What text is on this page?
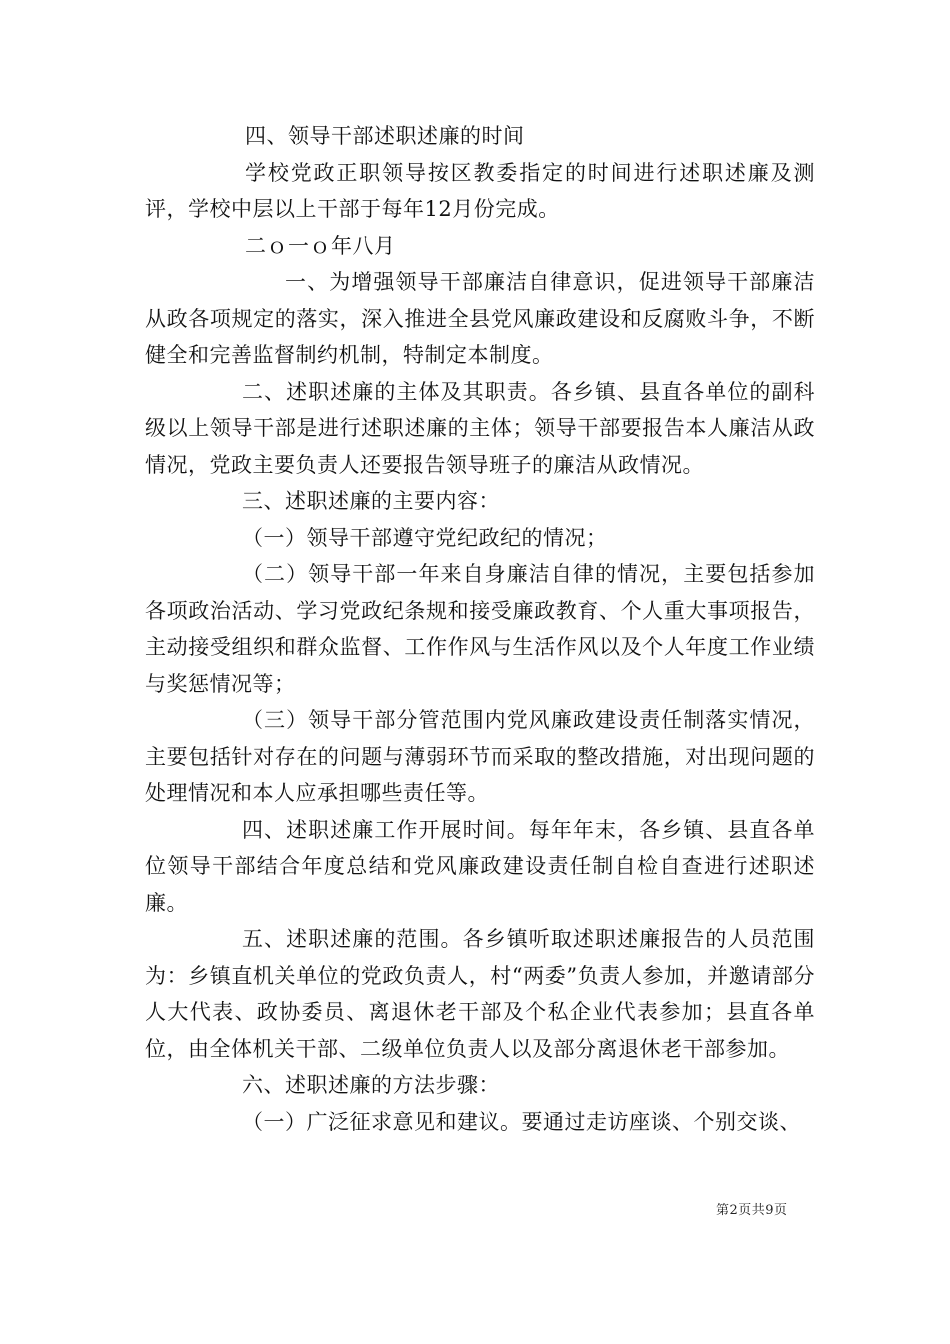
四、领导干部述职述廉的时间

学校党政正职领导按区教委指定的时间进行述职述廉及测评，学校中层以上干部于每年12月份完成。

二ｏ一ｏ年八月

一、为增强领导干部廉洁自律意识，促进领导干部廉洁从政各项规定的落实，深入推进全县党风廉政建设和反腐败斗争，不断健全和完善监督制约机制，特制定本制度。

二、述职述廉的主体及其职责。各乡镇、县直各单位的副科级以上领导干部是进行述职述廉的主体；领导干部要报告本人廉洁从政情况，党政主要负责人还要报告领导班子的廉洁从政情况。

三、述职述廉的主要内容：

（一）领导干部遵守党纪政纪的情况；

（二）领导干部一年来自身廉洁自律的情况，主要包括参加各项政治活动、学习党政纪条规和接受廉政教育、个人重大事项报告，主动接受组织和群众监督、工作作风与生活作风以及个人年度工作业绩与奖惩情况等；

（三）领导干部分管范围内党风廉政建设责任制落实情况，主要包括针对存在的问题与薄弱环节而采取的整改措施，对出现问题的处理情况和本人应承担哪些责任等。

四、述职述廉工作开展时间。每年年末，各乡镇、县直各单位领导干部结合年度总结和党风廉政建设责任制自检自查进行述职述廉。

五、述职述廉的范围。各乡镇听取述职述廉报告的人员范围为：乡镇直机关单位的党政负责人，村“两委”负责人参加，并邀请部分人大代表、政协委员、离退休老干部及个私企业代表参加；县直各单位，由全体机关干部、二级单位负责人以及部分离退休老干部参加。

六、述职述廉的方法步骤：

（一）广泛征求意见和建议。要通过走访座谈、个别交谈、

第2页共9页
